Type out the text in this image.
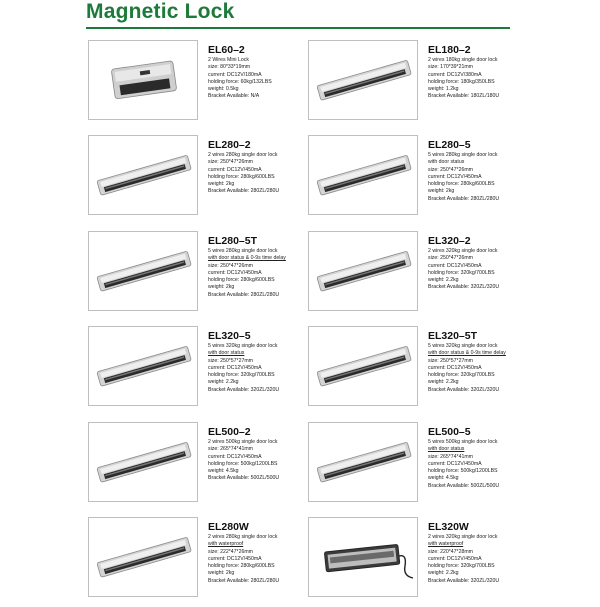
Magnetic Lock
EL60–2
2 Wires Mini Lock
size: 80*33*19mm
current: DC12V/180mA
holding force: 60kg/132LBS
weight: 0.5kg
Bracket Available: N/A
EL180–2
2 wires 180kg single door lock
size: 170*39*21mm
current: DC12V/380mA
holding force: 180kg/350LBS
weight: 1.2kg
Bracket Available: 180ZL/180U
EL280–2
2 wires 280kg single door lock
size: 250*47*26mm
current: DC12V/450mA
holding force: 280kg/600LBS
weight: 2kg
Bracket Available: 280ZL/280U
EL280–5
5 wires 280kg single door lock
with door status
size: 250*47*26mm
current: DC12V/450mA
holding force: 280kg/600LBS
weight: 2kg
Bracket Available: 280ZL/280U
EL280–5T
5 wires 280kg single door lock
with door status & 0-9s time delay
size: 250*47*26mm
current: DC12V/450mA
holding force: 280kg/600LBS
weight: 2kg
Bracket Available: 280ZL/280U
EL320–2
2 wires 320kg single door lock
size: 250*47*26mm
current: DC12V/450mA
holding force: 320kg/700LBS
weight: 2.2kg
Bracket Available: 320ZL/320U
EL320–5
5 wires 320kg single door lock
with door status
size: 250*57*27mm
current: DC12V/450mA
holding force: 320kg/700LBS
weight: 2.2kg
Bracket Available: 320ZL/320U
EL320–5T
5 wires 320kg single door lock
with door status & 0-9s time delay
size: 250*57*27mm
current: DC12V/450mA
holding force: 320kg/700LBS
weight: 2.2kg
Bracket Available: 320ZL/320U
EL500–2
2 wires 500kg single door lock
size: 265*74*41mm
current: DC12V/450mA
holding force: 500kg/1200LBS
weight: 4.5kg
Bracket Available: 500ZL/500U
EL500–5
5 wires 500kg single door lock
with door status
size: 265*74*41mm
current: DC12V/450mA
holding force: 500kg/1200LBS
weight: 4.5kg
Bracket Available: 500ZL/500U
EL280W
2 wires 280kg single door lock
with waterproof
size: 222*47*26mm
current: DC12V/450mA
holding force: 280kg/600LBS
weight: 2kg
Bracket Available: 280ZL/280U
EL320W
2 wires 320kg single door lock
with waterproof
size: 220*47*28mm
current: DC12V/450mA
holding force: 320kg/700LBS
weight: 2.2kg
Bracket Available: 320ZL/320U
